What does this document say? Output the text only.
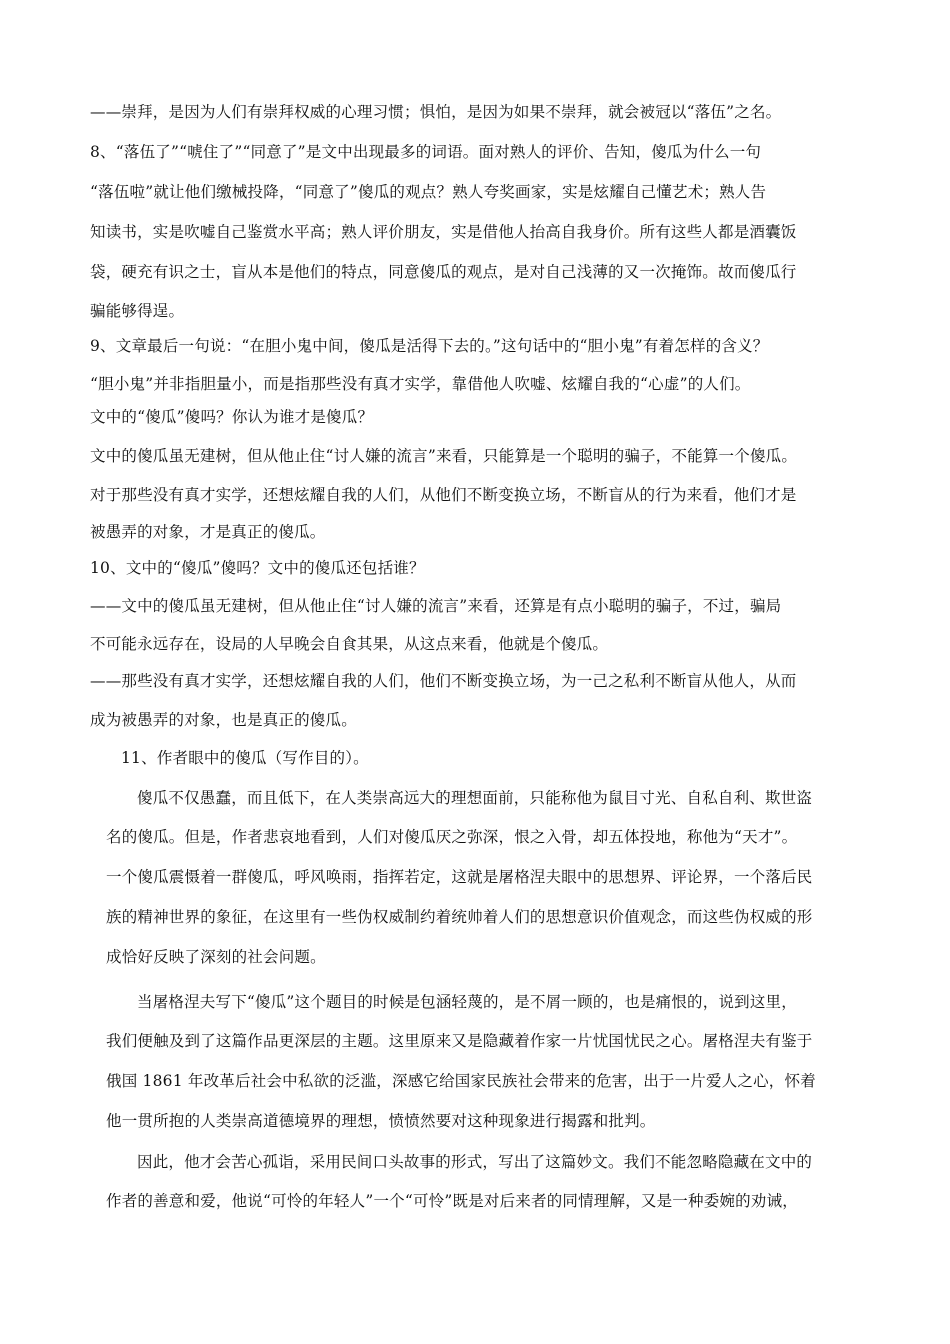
——崇拜，是因为人们有崇拜权威的心理习惯；惧怕，是因为如果不崇拜，就会被冠以“落伍”之名。
8、“落伍了”“唬住了”“同意了”是文中出现最多的词语。面对熟人的评价、告知，傻瓜为什么一句
“落伍啦”就让他们缴械投降，“同意了”傻瓜的观点？熟人夸奖画家，实是炫耀自己懂艺术；熟人告
知读书，实是吹嘘自己鉴赏水平高；熟人评价朋友，实是借他人抬高自我身价。所有这些人都是酒囊饭
袋，硬充有识之士，盲从本是他们的特点，同意傻瓜的观点，是对自己浅薄的又一次掩饰。故而傻瓜行
骗能够得逞。
9、文章最后一句说：“在胆小鬼中间，傻瓜是活得下去的。”这句话中的“胆小鬼”有着怎样的含义？
“胆小鬼”并非指胆量小，而是指那些没有真才实学，靠借他人吹嘘、炫耀自我的“心虚”的人们。
文中的“傻瓜”傻吗？你认为谁才是傻瓜？
文中的傻瓜虽无建树，但从他止住“讨人嫌的流言”来看，只能算是一个聪明的骗子，不能算一个傻瓜。
对于那些没有真才实学，还想炫耀自我的人们，从他们不断变换立场，不断盲从的行为来看，他们才是
被愚弄的对象，才是真正的傻瓜。
10、文中的“傻瓜”傻吗？文中的傻瓜还包括谁？
——文中的傻瓜虽无建树，但从他止住“讨人嫌的流言”来看，还算是有点小聪明的骗子，不过，骗局
不可能永远存在，设局的人早晚会自食其果，从这点来看，他就是个傻瓜。
——那些没有真才实学，还想炫耀自我的人们，他们不断变换立场，为一己之私利不断盲从他人，从而
成为被愚弄的对象，也是真正的傻瓜。
11、作者眼中的傻瓜（写作目的）。
傻瓜不仅愚蠢，而且低下，在人类崇高远大的理想面前，只能称他为鼠目寸光、自私自利、欺世盗
名的傻瓜。但是，作者悲哀地看到，人们对傻瓜厌之弥深，恨之入骨，却五体投地，称他为“天才”。
一个傻瓜震慑着一群傻瓜，呼风唤雨，指挥若定，这就是屠格涅夫眼中的思想界、评论界，一个落后民
族的精神世界的象征，在这里有一些伪权威制约着统帅着人们的思想意识价值观念，而这些伪权威的形
成恰好反映了深刻的社会问题。
当屠格涅夫写下“傻瓜”这个题目的时候是包涵轻蔑的，是不屑一顾的，也是痛恨的，说到这里，
我们便触及到了这篇作品更深层的主题。这里原来又是隐藏着作家一片忧国忧民之心。屠格涅夫有鉴于
俄国 1861 年改革后社会中私欲的泛滥，深感它给国家民族社会带来的危害，出于一片爱人之心，怀着
他一贯所抱的人类崇高道德境界的理想，愤愤然要对这种现象进行揭露和批判。
因此，他才会苦心孤诣，采用民间口头故事的形式，写出了这篇妙文。我们不能忽略隐藏在文中的
作者的善意和爱，他说“可怜的年轻人”一个“可怜”既是对后来者的同情理解，又是一种委婉的劝诫，
